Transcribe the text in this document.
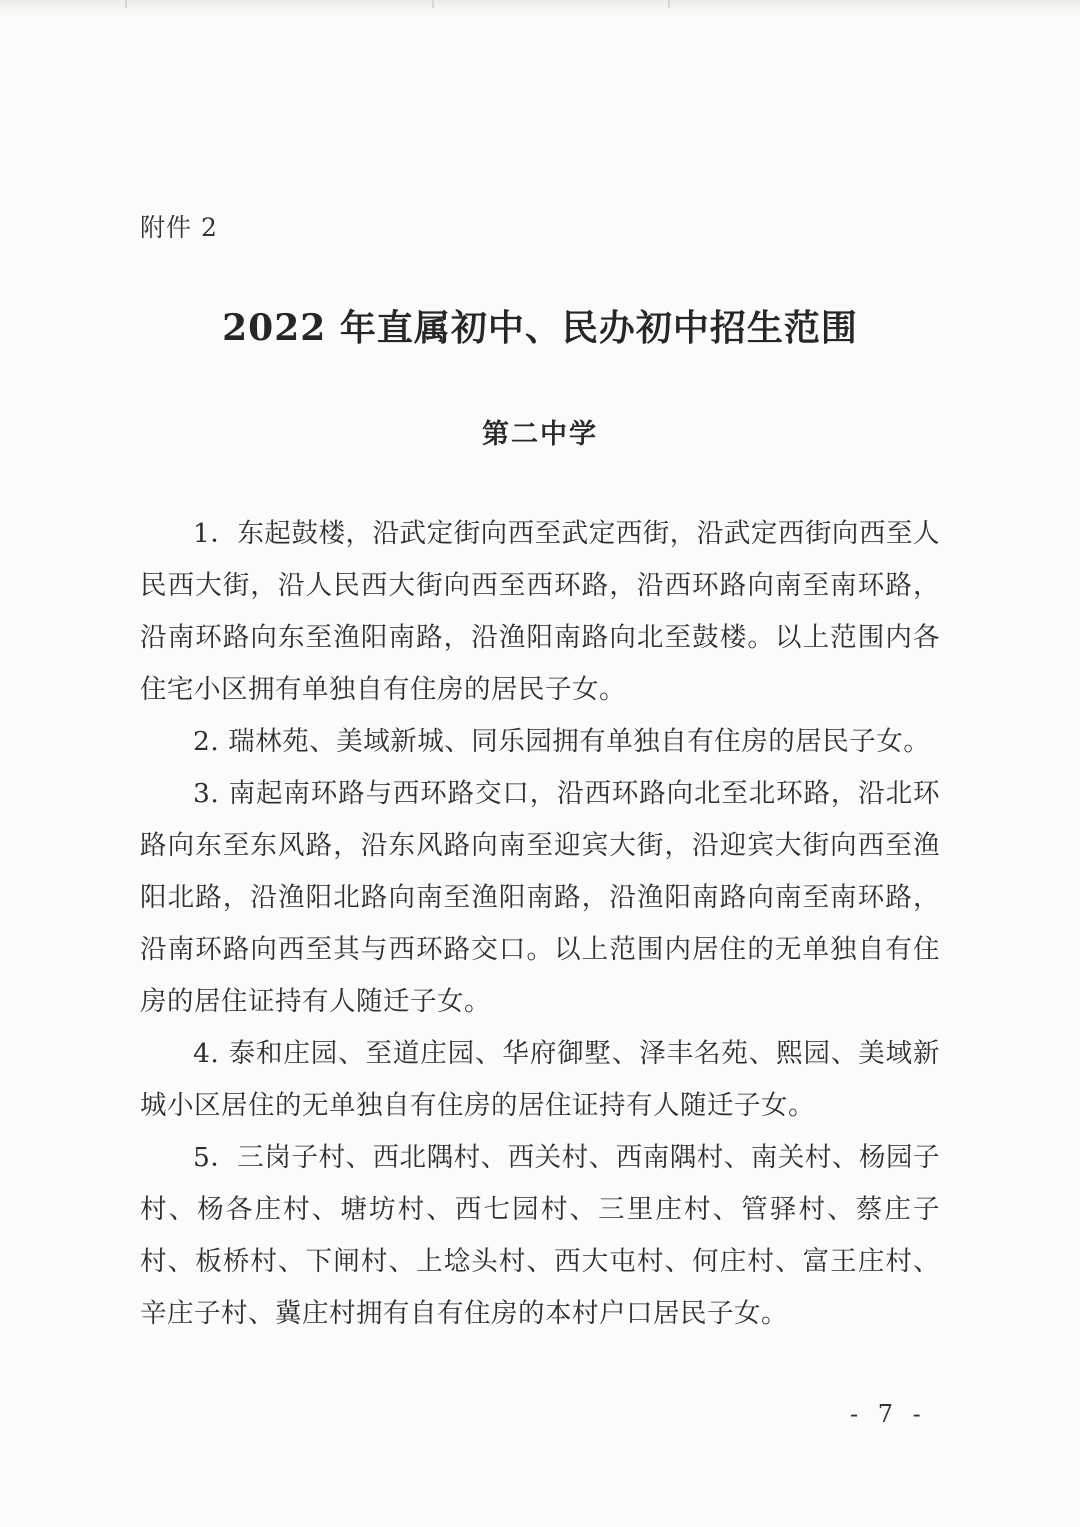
附件 2
2022 年直属初中、民办初中招生范围
第二中学

1．东起鼓楼，沿武定街向西至武定西街，沿武定西街向西至人民西大街，沿人民西大街向西至西环路，沿西环路向南至南环路，沿南环路向东至渔阳南路，沿渔阳南路向北至鼓楼。以上范围内各住宅小区拥有单独自有住房的居民子女。

2. 瑞林苑、美域新城、同乐园拥有单独自有住房的居民子女。

3. 南起南环路与西环路交口，沿西环路向北至北环路，沿北环路向东至东风路，沿东风路向南至迎宾大街，沿迎宾大街向西至渔阳北路，沿渔阳北路向南至渔阳南路，沿渔阳南路向南至南环路，沿南环路向西至其与西环路交口。以上范围内居住的无单独自有住房的居住证持有人随迁子女。

4. 泰和庄园、至道庄园、华府御墅、泽丰名苑、熙园、美域新城小区居住的无单独自有住房的居住证持有人随迁子女。

5．三岗子村、西北隅村、西关村、西南隅村、南关村、杨园子村、杨各庄村、塘坊村、西七园村、三里庄村、管驿村、蔡庄子村、板桥村、下闸村、上埝头村、西大屯村、何庄村、富王庄村、辛庄子村、冀庄村拥有自有住房的本村户口居民子女。

- 7 -
